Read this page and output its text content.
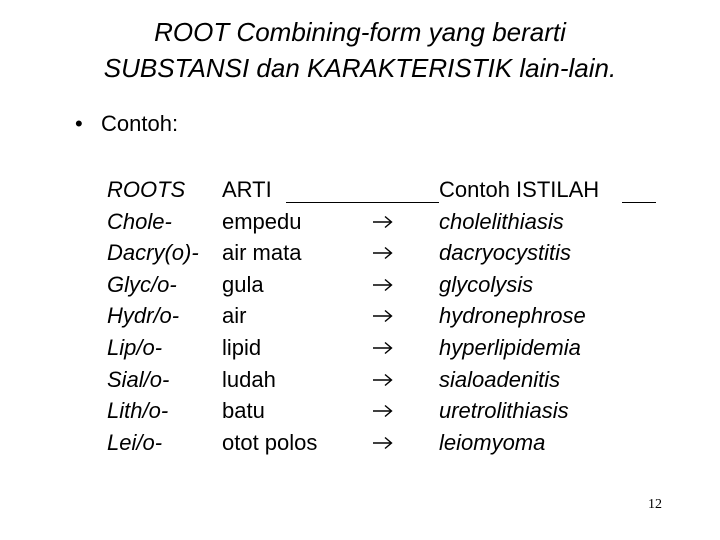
ROOT Combining-form yang berarti
SUBSTANSI dan KARAKTERISTIK lain-lain.
• Contoh:
ROOTS ARTI	Contoh ISTILAH
Chole- empedu	cholelithiasis
Dacry(o)- air mata	dacryocystitis
Glyc/o- gula	glycolysis
Hydr/o- air	hydronephrose
Lip/o-	lipid	hyperlipidemia
Sial/o- ludah	sialoadenitis
Lith/o- batu	uretrolithiasis
Lei/o-	otot polos	leiomyoma
12
